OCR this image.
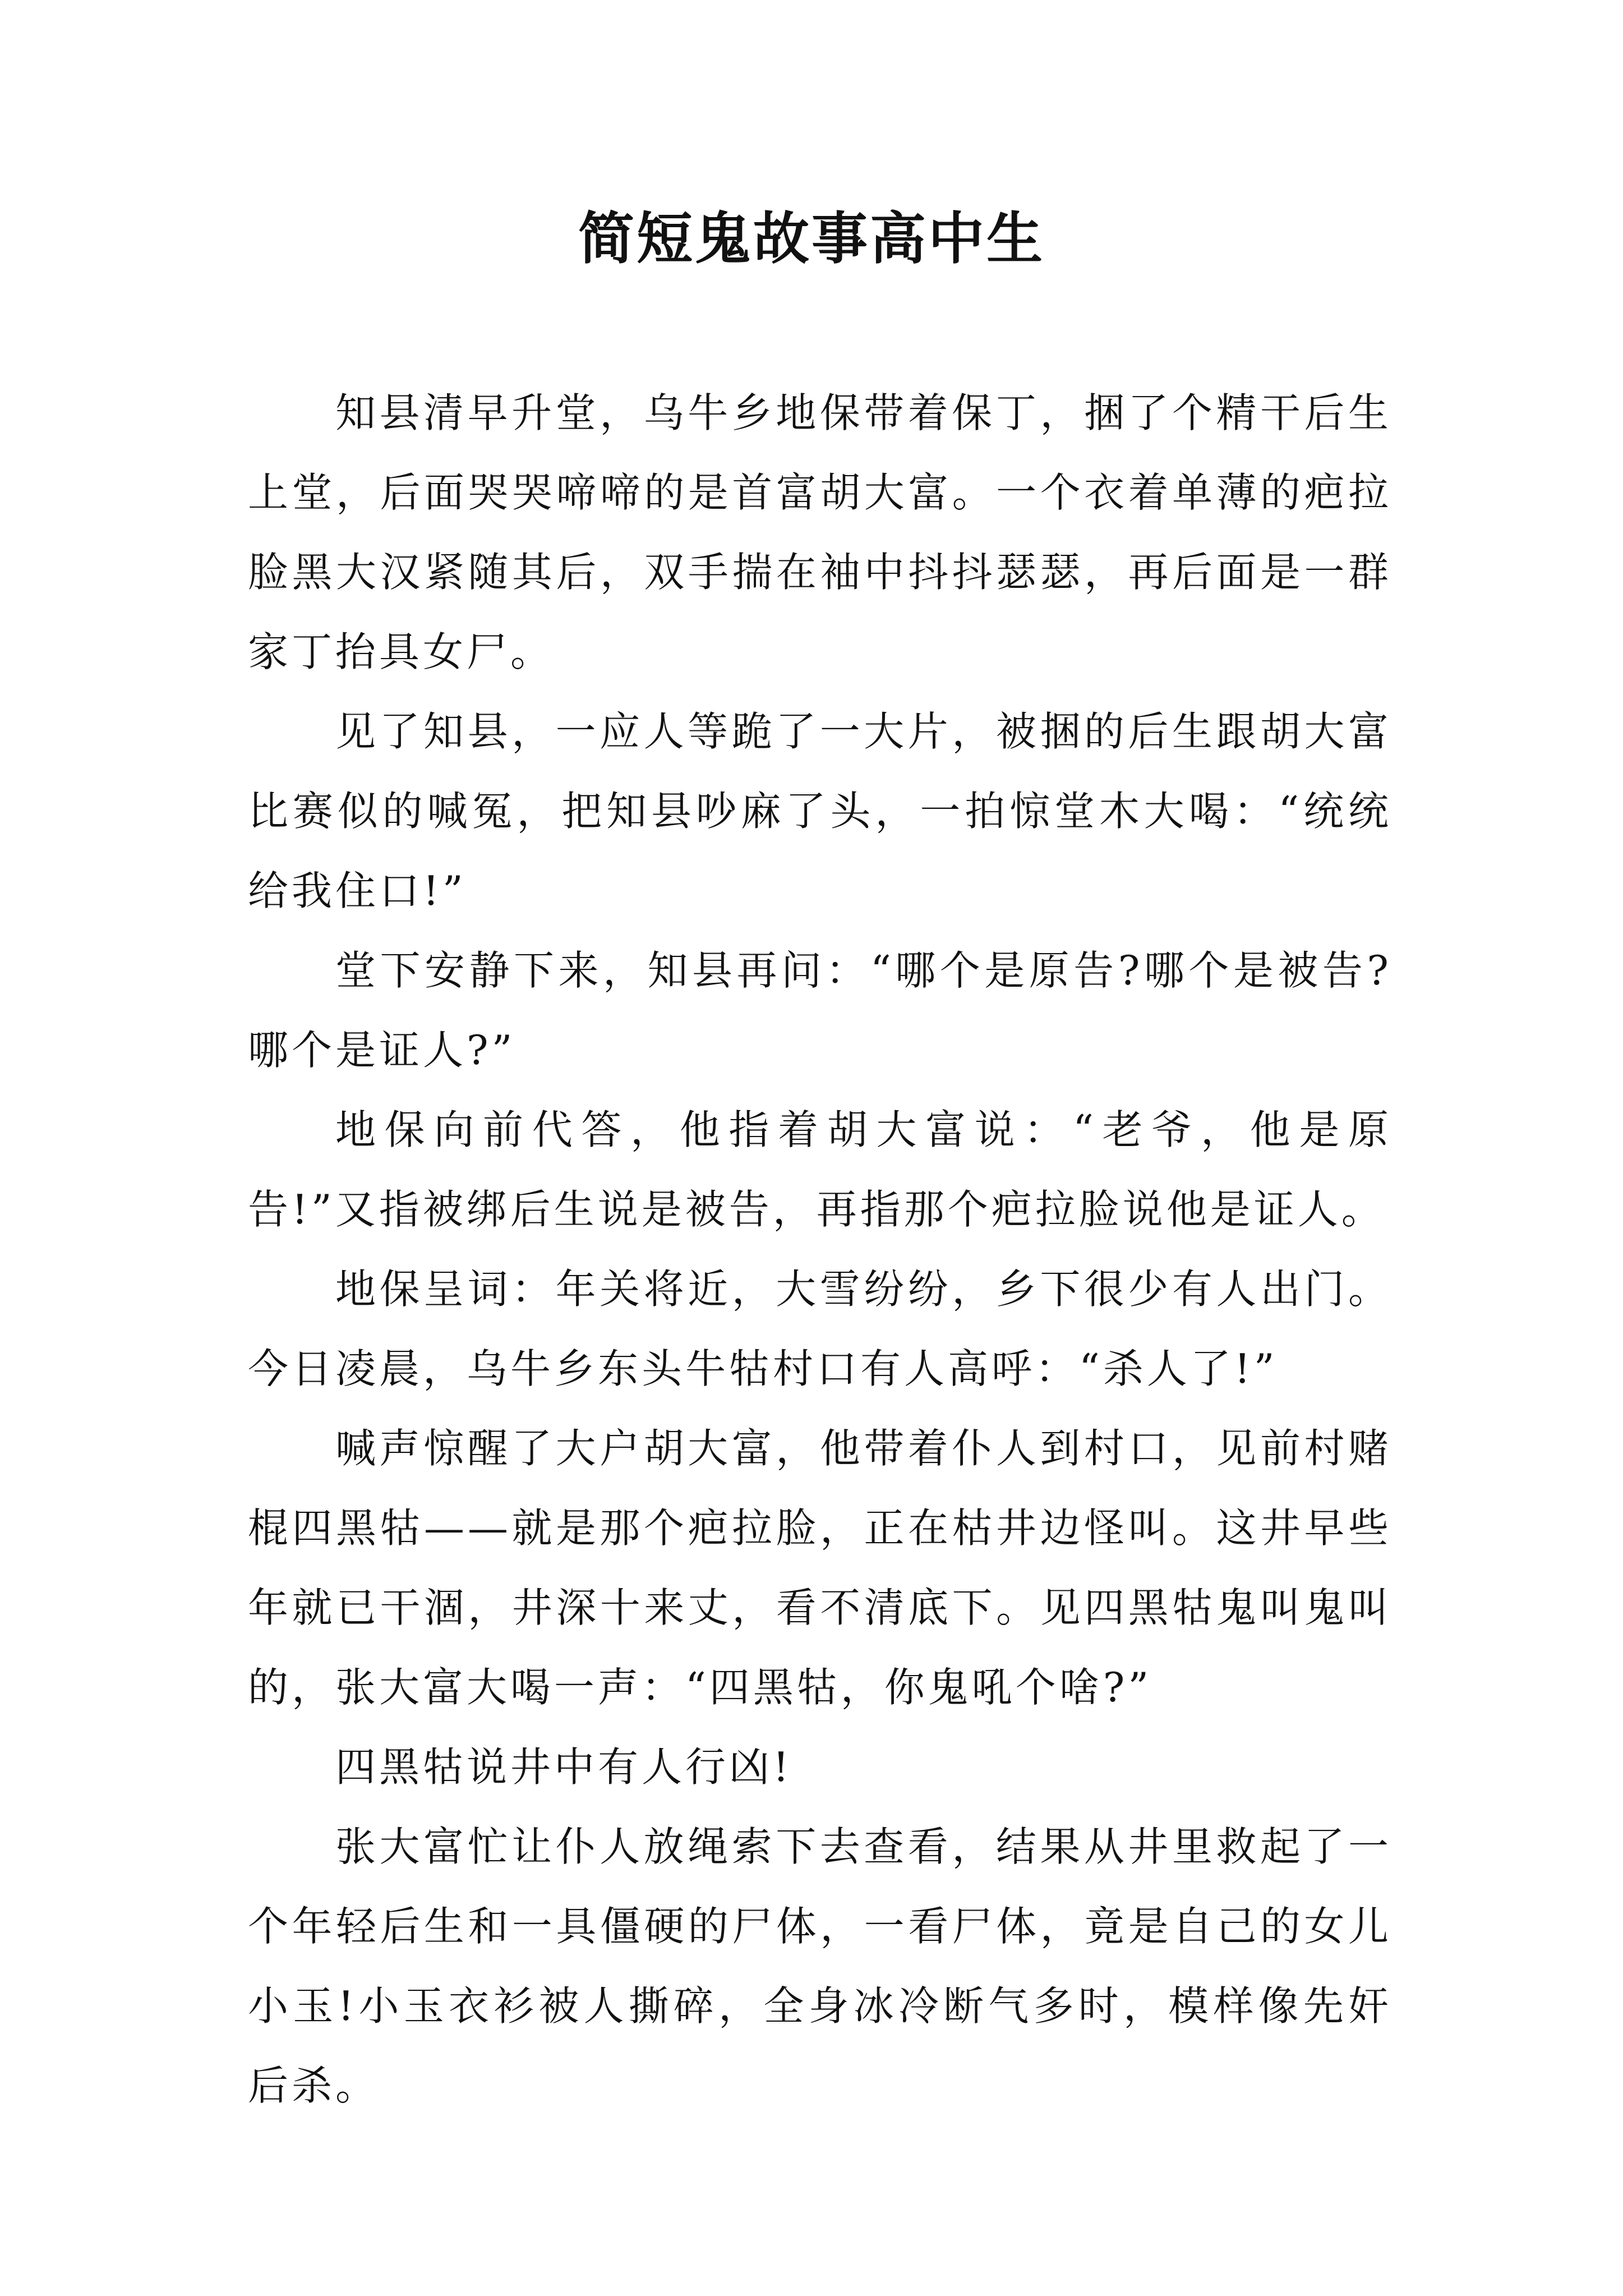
简短鬼故事高中生

知县清早升堂，乌牛乡地保带着保丁，捆了个精干后生上堂，后面哭哭啼啼的是首富胡大富。一个衣着单薄的疤拉脸黑大汉紧随其后，双手揣在袖中抖抖瑟瑟，再后面是一群家丁抬具女尸。

见了知县，一应人等跪了一大片，被捆的后生跟胡大富比赛似的喊冤，把知县吵麻了头，一拍惊堂木大喝：“统统给我住口!”

堂下安静下来，知县再问：“哪个是原告?哪个是被告?哪个是证人?”

地保向前代答，他指着胡大富说：“老爷，他是原告!”又指被绑后生说是被告，再指那个疤拉脸说他是证人。

地保呈词：年关将近，大雪纷纷，乡下很少有人出门。今日凌晨，乌牛乡东头牛牯村口有人高呼：“杀人了!”

喊声惊醒了大户胡大富，他带着仆人到村口，见前村赌棍四黑牯——就是那个疤拉脸，正在枯井边怪叫。这井早些年就已干涸，井深十来丈，看不清底下。见四黑牯鬼叫鬼叫的，张大富大喝一声：“四黑牯，你鬼吼个啥?”

四黑牯说井中有人行凶!

张大富忙让仆人放绳索下去查看，结果从井里救起了一个年轻后生和一具僵硬的尸体，一看尸体，竟是自己的女儿小玉!小玉衣衫被人撕碎，全身冰冷断气多时，模样像先奸后杀。
